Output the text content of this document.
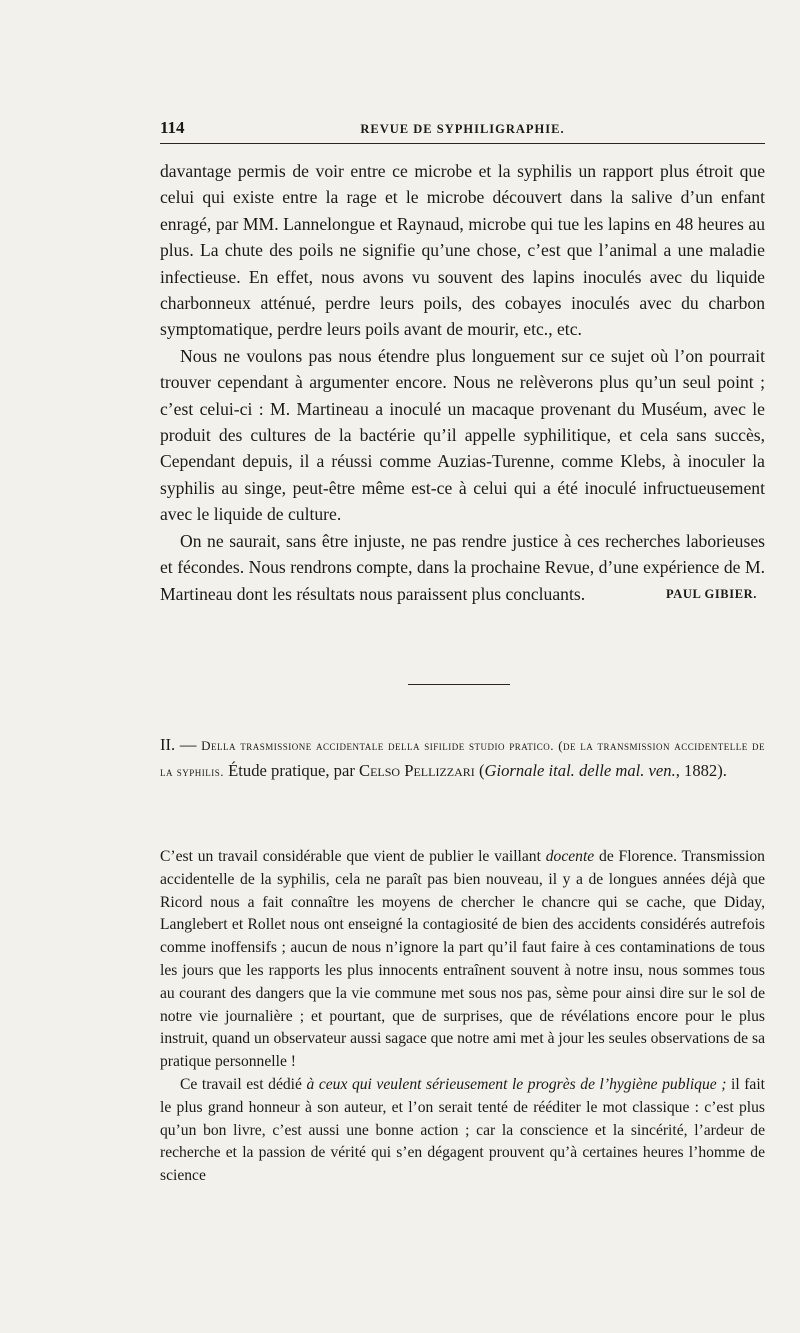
114	REVUE DE SYPHILIGRAPHIE.

davantage permis de voir entre ce microbe et la syphilis un rapport plus étroit que celui qui existe entre la rage et le microbe découvert dans la salive d’un enfant enragé, par MM. Lannelongue et Raynaud, microbe qui tue les lapins en 48 heures au plus. La chute des poils ne signifie qu’une chose, c’est que l’animal a une maladie infectieuse. En effet, nous avons vu souvent des lapins inoculés avec du liquide charbonneux atténué, perdre leurs poils, des cobayes inoculés avec du charbon symptomatique, perdre leurs poils avant de mourir, etc., etc.

Nous ne voulons pas nous étendre plus longuement sur ce sujet où l’on pourrait trouver cependant à argumenter encore. Nous ne relèverons plus qu’un seul point ; c’est celui-ci : M. Martineau a inoculé un macaque provenant du Muséum, avec le produit des cultures de la bactérie qu’il appelle syphilitique, et cela sans succès, Cependant depuis, il a réussi comme Auzias-Turenne, comme Klebs, à inoculer la syphilis au singe, peut-être même est-ce à celui qui a été inoculé infructueusement avec le liquide de culture.

On ne saurait, sans être injuste, ne pas rendre justice à ces recherches laborieuses et fécondes. Nous rendrons compte, dans la prochaine Revue, d’une expérience de M. Martineau dont les résultats nous paraissent plus concluants.	PAUL GIBIER.

II. — Della trasmissione accidentale della sifilide studio pratico. (de la transmission accidentelle de la syphilis. Étude pratique, par Celso Pellizzari (Giornale ital. delle mal. ven., 1882).

C’est un travail considérable que vient de publier le vaillant docente de Florence. Transmission accidentelle de la syphilis, cela ne paraît pas bien nouveau, il y a de longues années déjà que Ricord nous a fait connaître les moyens de chercher le chancre qui se cache, que Diday, Langlebert et Rollet nous ont enseigné la contagiosité de bien des accidents considérés autrefois comme inoffensifs ; aucun de nous n’ignore la part qu’il faut faire à ces contaminations de tous les jours que les rapports les plus innocents entraînent souvent à notre insu, nous sommes tous au courant des dangers que la vie commune met sous nos pas, sème pour ainsi dire sur le sol de notre vie journalière ; et pourtant, que de surprises, que de révélations encore pour le plus instruit, quand un observateur aussi sagace que notre ami met à jour les seules observations de sa pratique personnelle !

Ce travail est dédié à ceux qui veulent sérieusement le progrès de l’hygiène publique ; il fait le plus grand honneur à son auteur, et l’on serait tenté de rééditer le mot classique : c’est plus qu’un bon livre, c’est aussi une bonne action ; car la conscience et la sincérité, l’ardeur de recherche et la passion de vérité qui s’en dégagent prouvent qu’à certaines heures l’homme de science
